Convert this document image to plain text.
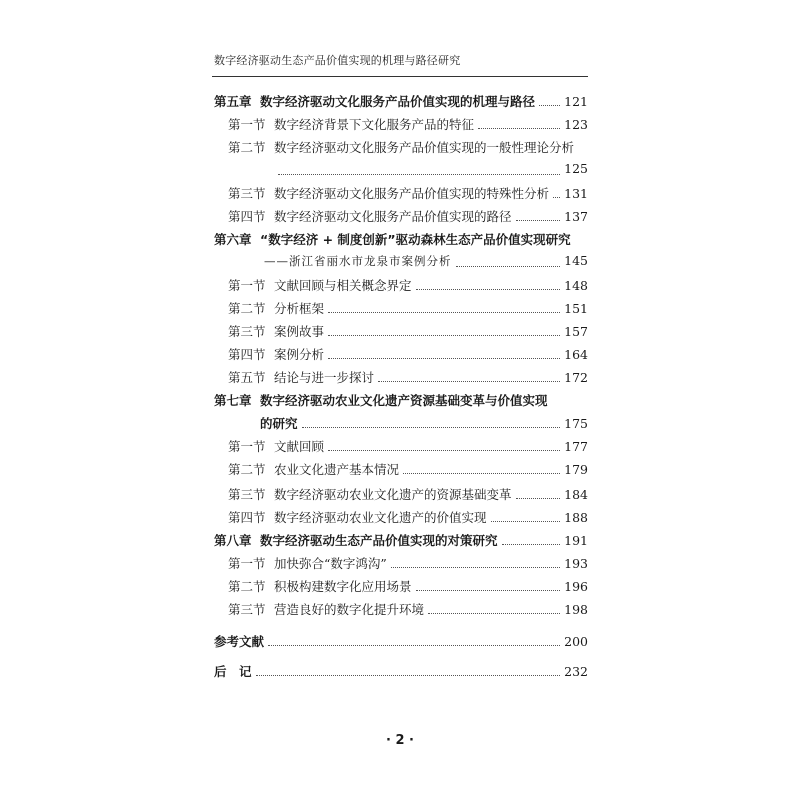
数字经济驱动生态产品价值实现的机理与路径研究
第五章 数字经济驱动文化服务产品价值实现的机理与路径 121
第一节 数字经济背景下文化服务产品的特征	123
第二节 数字经济驱动文化服务产品价值实现的一般性理论分析
125
第三节 数字经济驱动文化服务产品价值实现的特殊性分析 131
第四节 数字经济驱动文化服务产品价值实现的路径	137
第六章 “数字经济 + 制度创新”驱动森林生态产品价值实现研究
——浙江省丽水市龙泉市案例分析	145
第一节 文献回顾与相关概念界定	148
第二节 分析框架	151
第三节 案例故事	157
第四节 案例分析	164
第五节 结论与进一步探讨	172
第七章 数字经济驱动农业文化遗产资源基础变革与价值实现
的研究	175
第一节 文献回顾	177
第二节 农业文化遗产基本情况	179
第三节 数字经济驱动农业文化遗产的资源基础变革	184
第四节 数字经济驱动农业文化遗产的价值实现	188
第八章 数字经济驱动生态产品价值实现的对策研究	191
第一节 加快弥合“数字鸿沟”	193
第二节 积极构建数字化应用场景	196
第三节 营造良好的数字化提升环境	198
参考文献	200
后　记	232
· 2 ·
